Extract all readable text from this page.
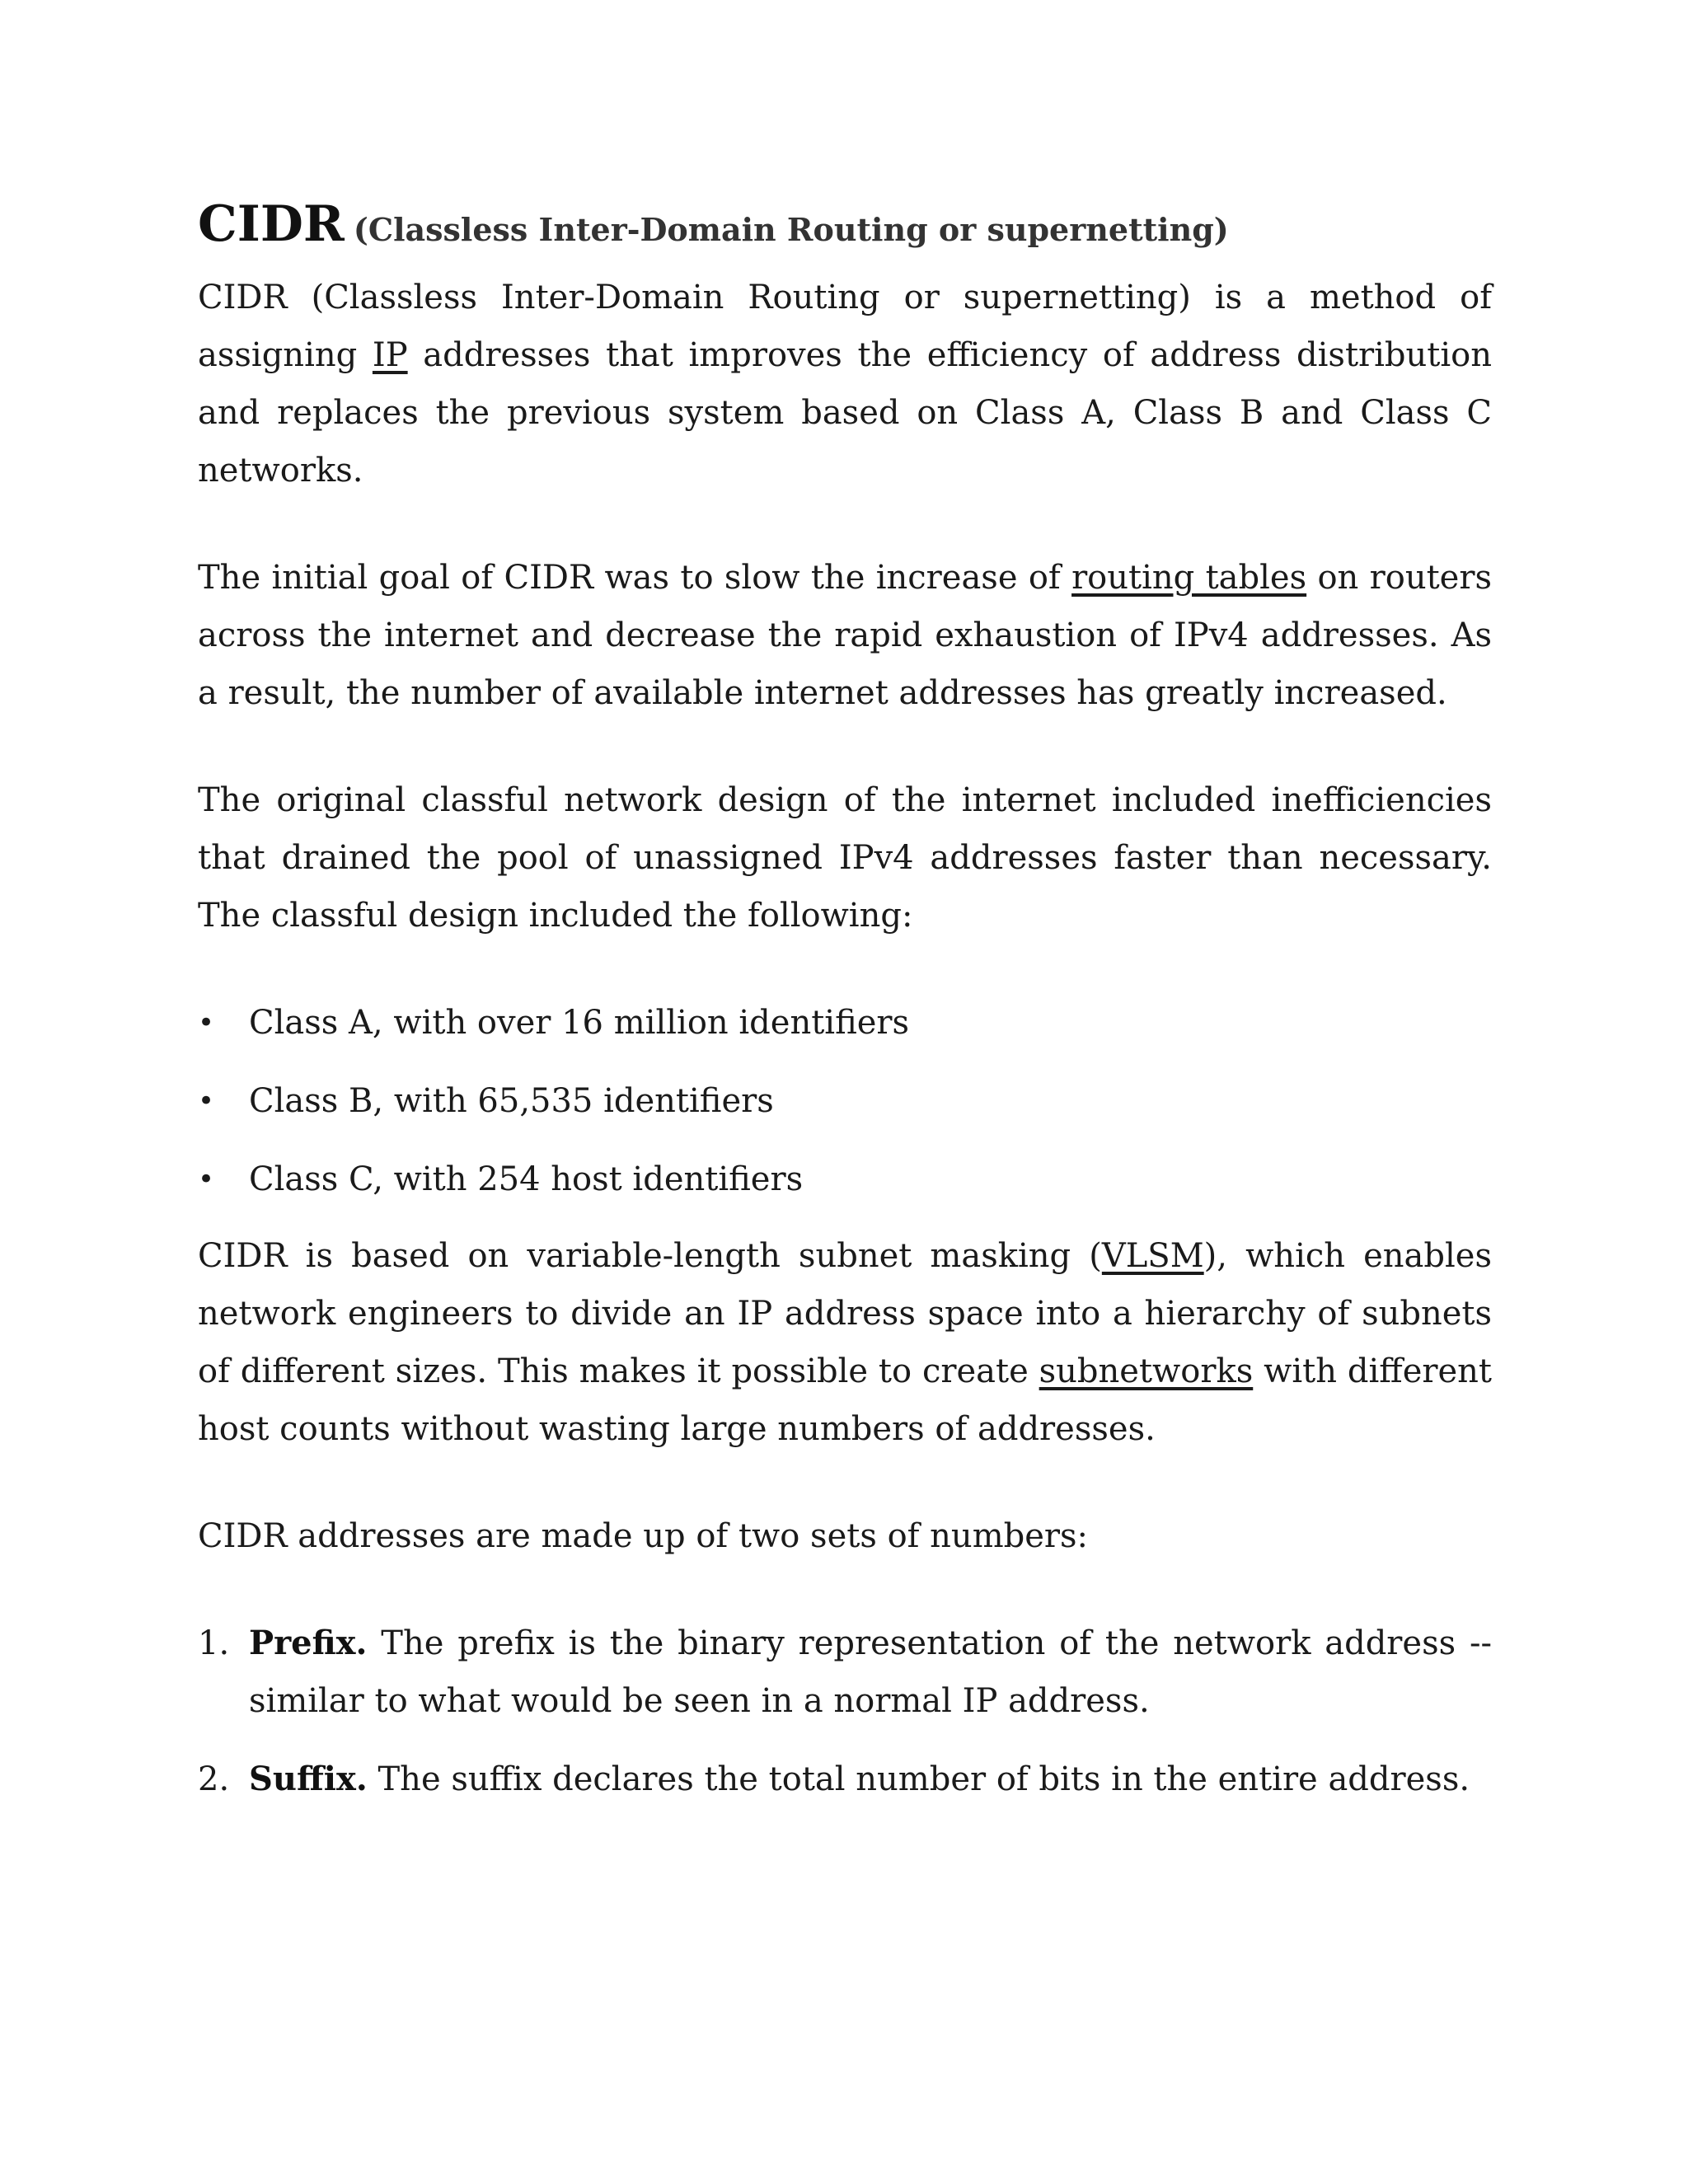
CIDR (Classless Inter-Domain Routing or supernetting)

CIDR (Classless Inter-Domain Routing or supernetting) is a method of assigning IP addresses that improves the efficiency of address distribution and replaces the previous system based on Class A, Class B and Class C networks.

The initial goal of CIDR was to slow the increase of routing tables on routers across the internet and decrease the rapid exhaustion of IPv4 addresses. As a result, the number of available internet addresses has greatly increased.

The original classful network design of the internet included inefficiencies that drained the pool of unassigned IPv4 addresses faster than necessary. The classful design included the following:

• Class A, with over 16 million identifiers
• Class B, with 65,535 identifiers
• Class C, with 254 host identifiers

CIDR is based on variable-length subnet masking (VLSM), which enables network engineers to divide an IP address space into a hierarchy of subnets of different sizes. This makes it possible to create subnetworks with different host counts without wasting large numbers of addresses.

CIDR addresses are made up of two sets of numbers:

1. Prefix. The prefix is the binary representation of the network address -- similar to what would be seen in a normal IP address.
2. Suffix. The suffix declares the total number of bits in the entire address.
